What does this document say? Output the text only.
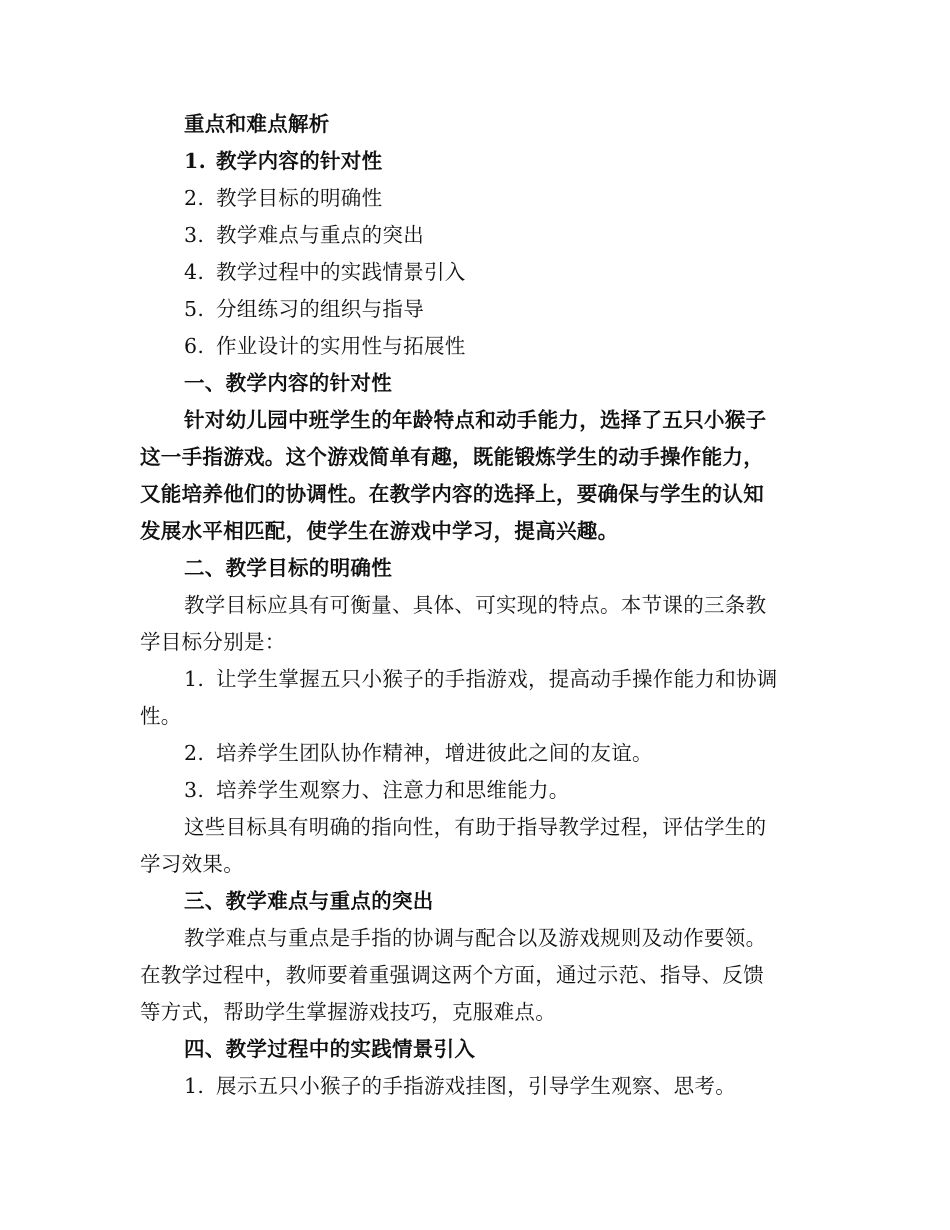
重点和难点解析
1. 教学内容的针对性
2. 教学目标的明确性
3. 教学难点与重点的突出
4. 教学过程中的实践情景引入
5. 分组练习的组织与指导
6. 作业设计的实用性与拓展性
一、教学内容的针对性
针对幼儿园中班学生的年龄特点和动手能力，选择了五只小猴子
这一手指游戏。这个游戏简单有趣，既能锻炼学生的动手操作能力，
又能培养他们的协调性。在教学内容的选择上，要确保与学生的认知
发展水平相匹配，使学生在游戏中学习，提高兴趣。
二、教学目标的明确性
教学目标应具有可衡量、具体、可实现的特点。本节课的三条教
学目标分别是：
1. 让学生掌握五只小猴子的手指游戏，提高动手操作能力和协调
性。
2. 培养学生团队协作精神，增进彼此之间的友谊。
3. 培养学生观察力、注意力和思维能力。
这些目标具有明确的指向性，有助于指导教学过程，评估学生的
学习效果。
三、教学难点与重点的突出
教学难点与重点是手指的协调与配合以及游戏规则及动作要领。
在教学过程中，教师要着重强调这两个方面，通过示范、指导、反馈
等方式，帮助学生掌握游戏技巧，克服难点。
四、教学过程中的实践情景引入
1. 展示五只小猴子的手指游戏挂图，引导学生观察、思考。
